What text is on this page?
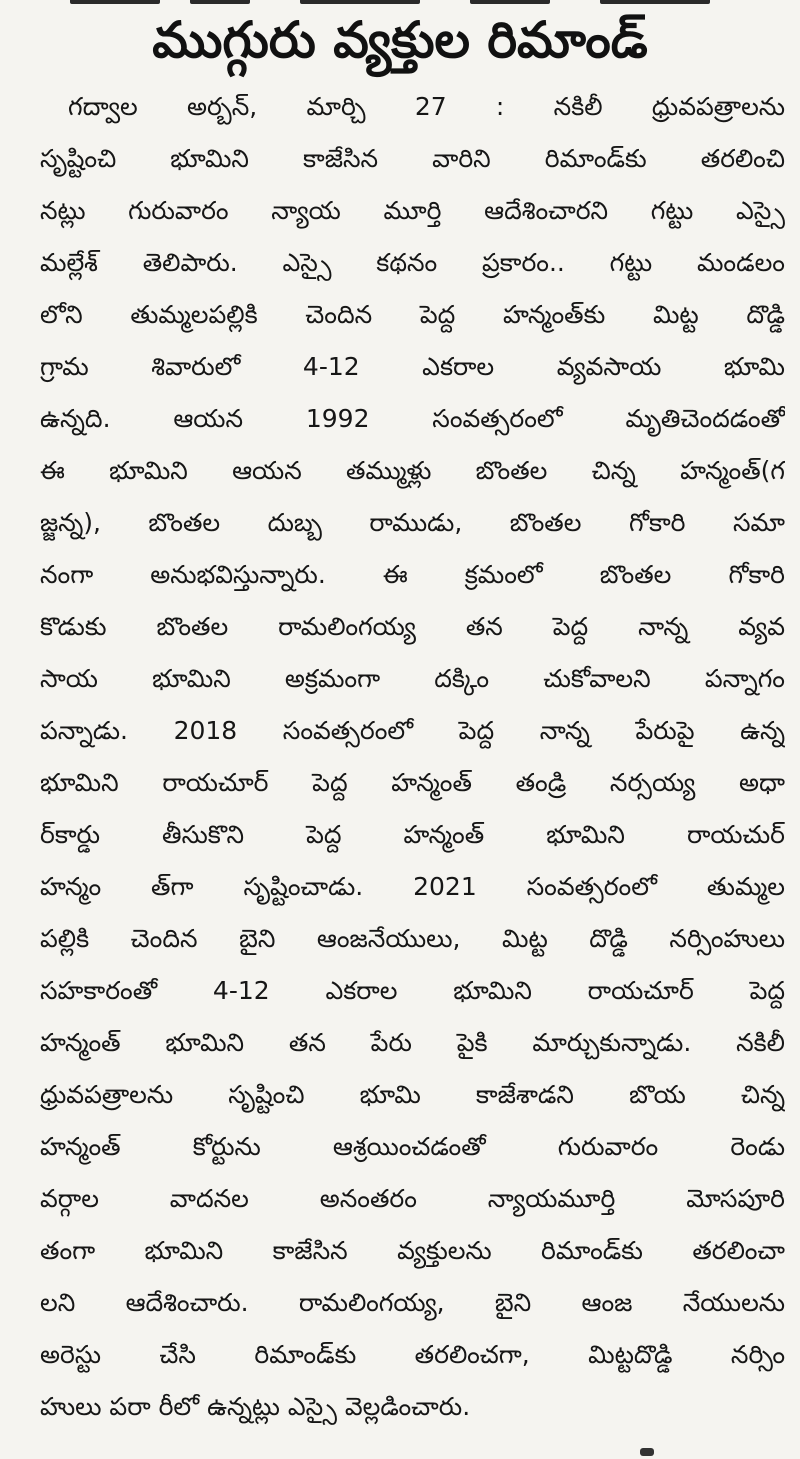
ముగ్గురు వ్యక్తుల రిమాండ్
గద్వాల అర్బన్, మార్చి 27 : నకిలీ ధ్రువపత్రాలను
సృష్టించి భూమిని కాజేసిన వారిని రిమాండ్‌కు తరలించి
నట్లు గురువారం న్యాయ మూర్తి ఆదేశించారని గట్టు ఎస్సై
మల్లేశ్ తెలిపారు. ఎస్సై కథనం ప్రకారం.. గట్టు మండలం
లోని తుమ్మలపల్లికి చెందిన పెద్ద హన్మంత్‌కు మిట్ట దొడ్డి
గ్రామ శివారులో 4-12 ఎకరాల వ్యవసాయ భూమి
ఉన్నది. ఆయన 1992 సంవత్సరంలో మృతిచెందడంతో
ఈ భూమిని ఆయన తమ్ముళ్లు బొంతల చిన్న హన్మంత్(గ
జ్జన్న), బొంతల దుబ్బ రాముడు, బొంతల గోకారి సమా
నంగా అనుభవిస్తున్నారు. ఈ క్రమంలో బొంతల గోకారి
కొడుకు బొంతల రామలింగయ్య తన పెద్ద నాన్న వ్యవ
సాయ భూమిని అక్రమంగా దక్కిం చుకోవాలని పన్నాగం
పన్నాడు. 2018 సంవత్సరంలో పెద్ద నాన్న పేరుపై ఉన్న
భూమిని రాయచూర్ పెద్ద హన్మంత్ తండ్రి నర్సయ్య అధా
ర్‌కార్డు తీసుకొని పెద్ద హన్మంత్ భూమిని రాయచుర్
హన్మం త్‌గా సృష్టించాడు. 2021 సంవత్సరంలో తుమ్మల
పల్లికి చెందిన బైని ఆంజనేయులు, మిట్ట దొడ్డి నర్సింహులు
సహకారంతో 4-12 ఎకరాల భూమిని రాయచూర్ పెద్ద
హన్మంత్ భూమిని తన పేరు పైకి మార్చుకున్నాడు. నకిలీ
ధ్రువపత్రాలను సృష్టించి భూమి కాజేశాడని బొయ చిన్న
హన్మంత్ కోర్టును ఆశ్రయించడంతో గురువారం రెండు
వర్గాల వాదనల అనంతరం న్యాయమూర్తి మోసపూరి
తంగా భూమిని కాజేసిన వ్యక్తులను రిమాండ్‌కు తరలించా
లని ఆదేశించారు. రామలింగయ్య, బైని ఆంజ నేయులను
అరెస్టు చేసి రిమాండ్‌కు తరలించగా, మిట్టదొడ్డి నర్సిం
హులు పరా రీలో ఉన్నట్లు ఎస్సై వెల్లడించారు.
